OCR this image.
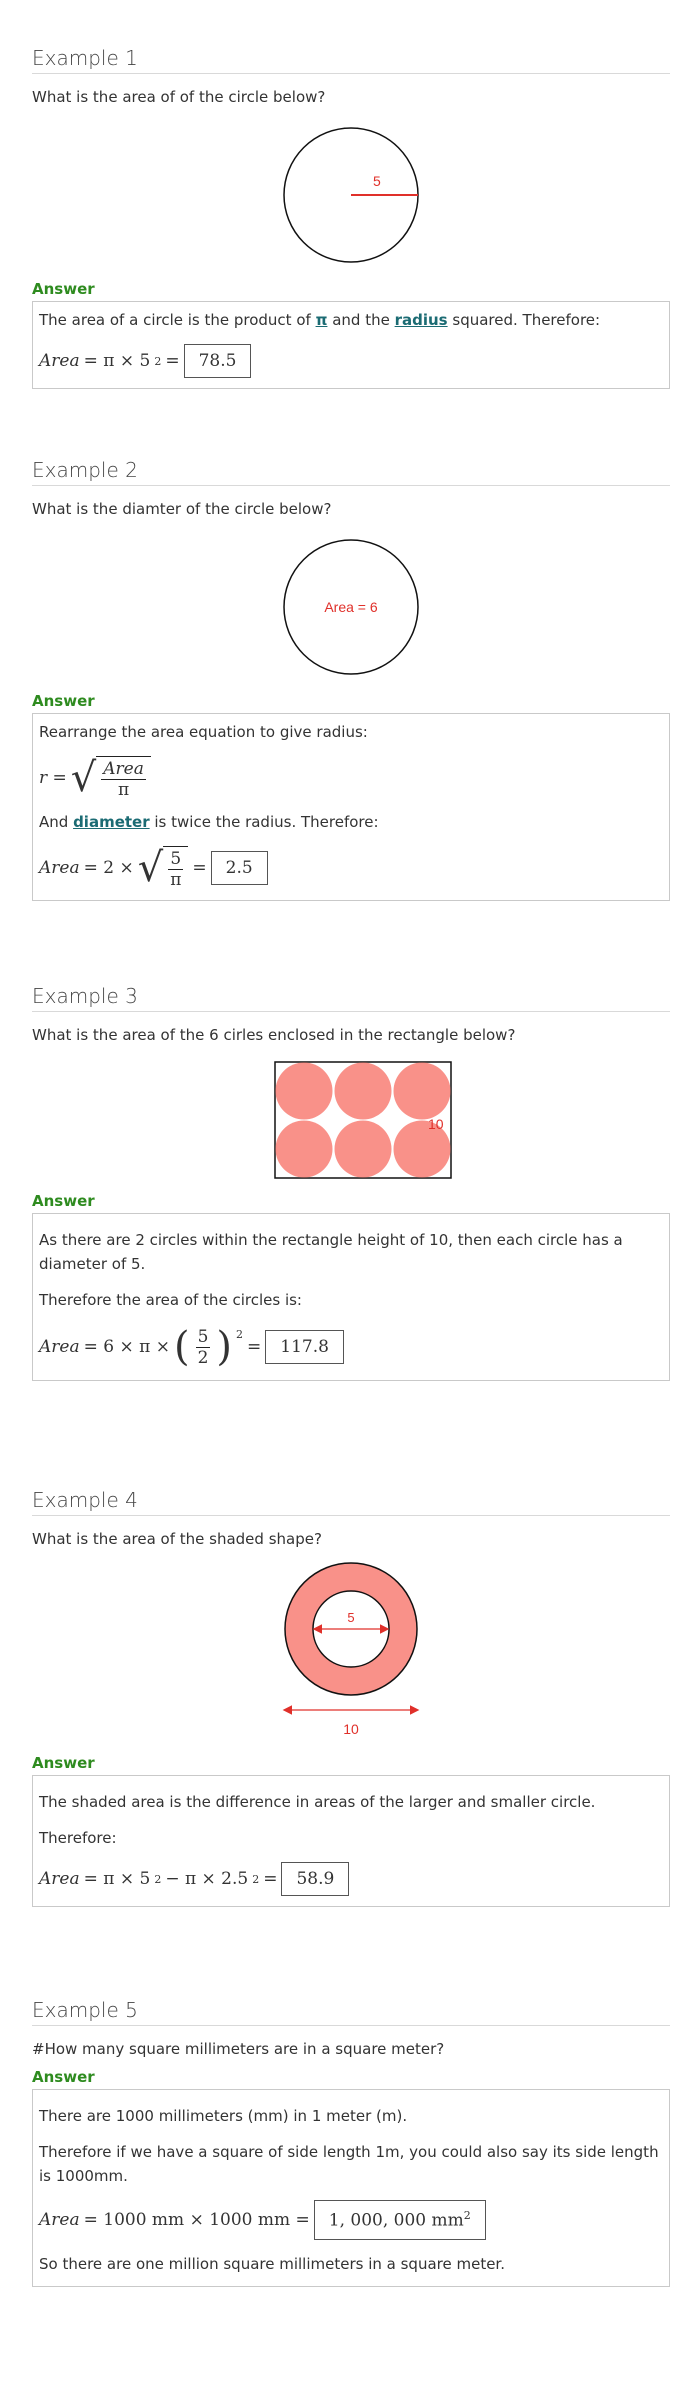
Example 1
What is the area of of the circle below?
5
Answer

The area of a circle is the product of π and the radius squared. Therefore:

Area = π × 5 2 =	78.5
Example 2
What is the diamter of the circle below?
Area = 6
Answer

Rearrange the area equation to give radius:

r = √ $\frac{\text{Area}}{\pi}$

And diameter is twice the radius. Therefore:

Area = 2 × √ $\frac{5}{\pi}$ =	2.5
Example 3
What is the area of the 6 cirles enclosed in the rectangle below?
10
Answer

As there are 2 circles within the rectangle height of 10, then each circle has a diameter of 5.

Therefore the area of the circles is:

Area = 6 × π × ( $\frac{5}{2}$ ) $^2$
=	117.8
Example 4
What is the area of the shaded shape?
5
10
Answer

The shaded area is the difference in areas of the larger and smaller circle.

Therefore:

Area = π × 5 2 − π × 2.5 2 =	58.9
Example 5
#How many square millimeters are in a square meter?
Answer

There are 1000 millimeters (mm) in 1 meter (m).

Therefore if we have a square of side length 1m, you could also say its side length is 1000mm.

Area = 1000 mm × 1000 mm =	1, 000, 000 $mm^2$

So there are one million square millimeters in a square meter.
